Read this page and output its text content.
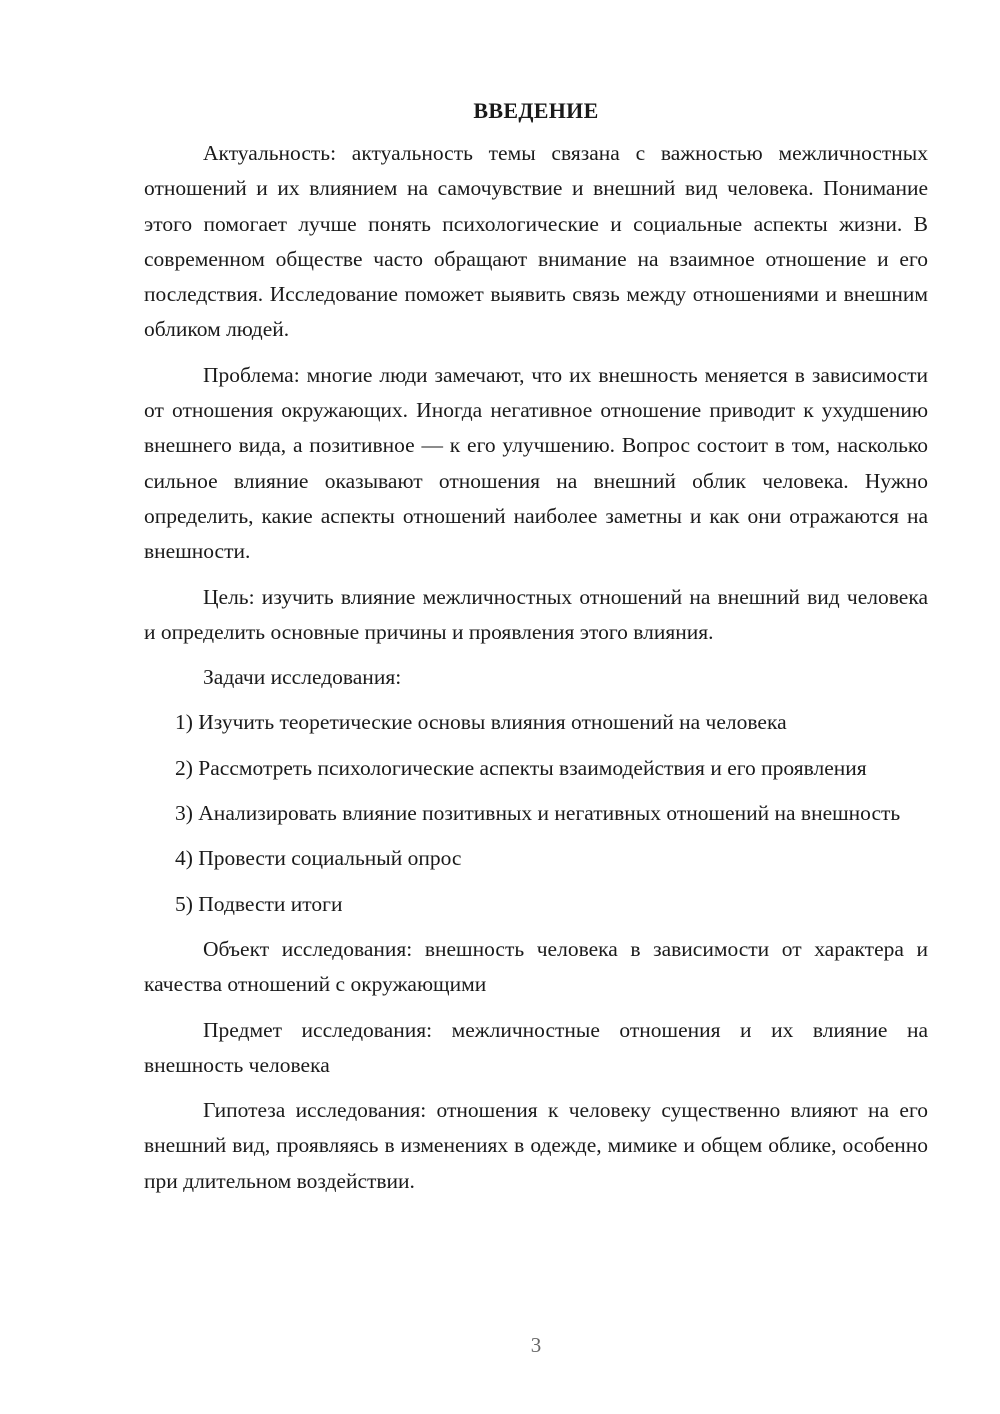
ВВЕДЕНИЕ

Актуальность: актуальность темы связана с важностью межличностных отношений и их влиянием на самочувствие и внешний вид человека. Понимание этого помогает лучше понять психологические и социальные аспекты жизни. В современном обществе часто обращают внимание на взаимное отношение и его последствия. Исследование поможет выявить связь между отношениями и внешним обликом людей.

Проблема: многие люди замечают, что их внешность меняется в зависимости от отношения окружающих. Иногда негативное отношение приводит к ухудшению внешнего вида, а позитивное — к его улучшению. Вопрос состоит в том, насколько сильное влияние оказывают отношения на внешний облик человека. Нужно определить, какие аспекты отношений наиболее заметны и как они отражаются на внешности.

Цель: изучить влияние межличностных отношений на внешний вид человека и определить основные причины и проявления этого влияния.

Задачи исследования:

1) Изучить теоретические основы влияния отношений на человека

2) Рассмотреть психологические аспекты взаимодействия и его проявления

3) Анализировать влияние позитивных и негативных отношений на внешность

4) Провести социальный опрос

5) Подвести итоги

Объект исследования: внешность человека в зависимости от характера и качества отношений с окружающими

Предмет исследования: межличностные отношения и их влияние на внешность человека

Гипотеза исследования: отношения к человеку существенно влияют на его внешний вид, проявляясь в изменениях в одежде, мимике и общем облике, особенно при длительном воздействии.

3
